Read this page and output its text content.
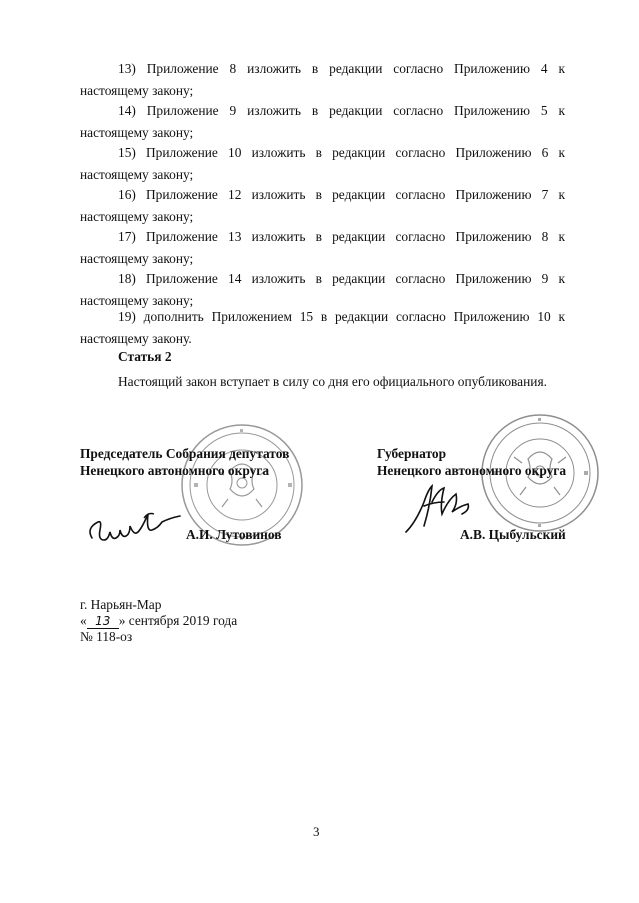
13) Приложение 8 изложить в редакции согласно Приложению 4 к настоящему закону;

14) Приложение 9 изложить в редакции согласно Приложению 5 к настоящему закону;

15) Приложение 10 изложить в редакции согласно Приложению 6 к настоящему закону;

16) Приложение 12 изложить в редакции согласно Приложению 7 к настоящему закону;

17) Приложение 13 изложить в редакции согласно Приложению 8 к настоящему закону;

18) Приложение 14 изложить в редакции согласно Приложению 9 к настоящему закону;

19) дополнить Приложением 15 в редакции согласно Приложению 10 к настоящему закону.

Статья 2

Настоящий закон вступает в силу со дня его официального опубликования.

Председатель Собрания депутатов
Ненецкого автономного округа
А.И. Лутовинов
Губернатор
Ненецкого автономного округа
А.В. Цыбульский
г. Нарьян-Мар
« 13 » сентября 2019 года
№ 118-оз
3
